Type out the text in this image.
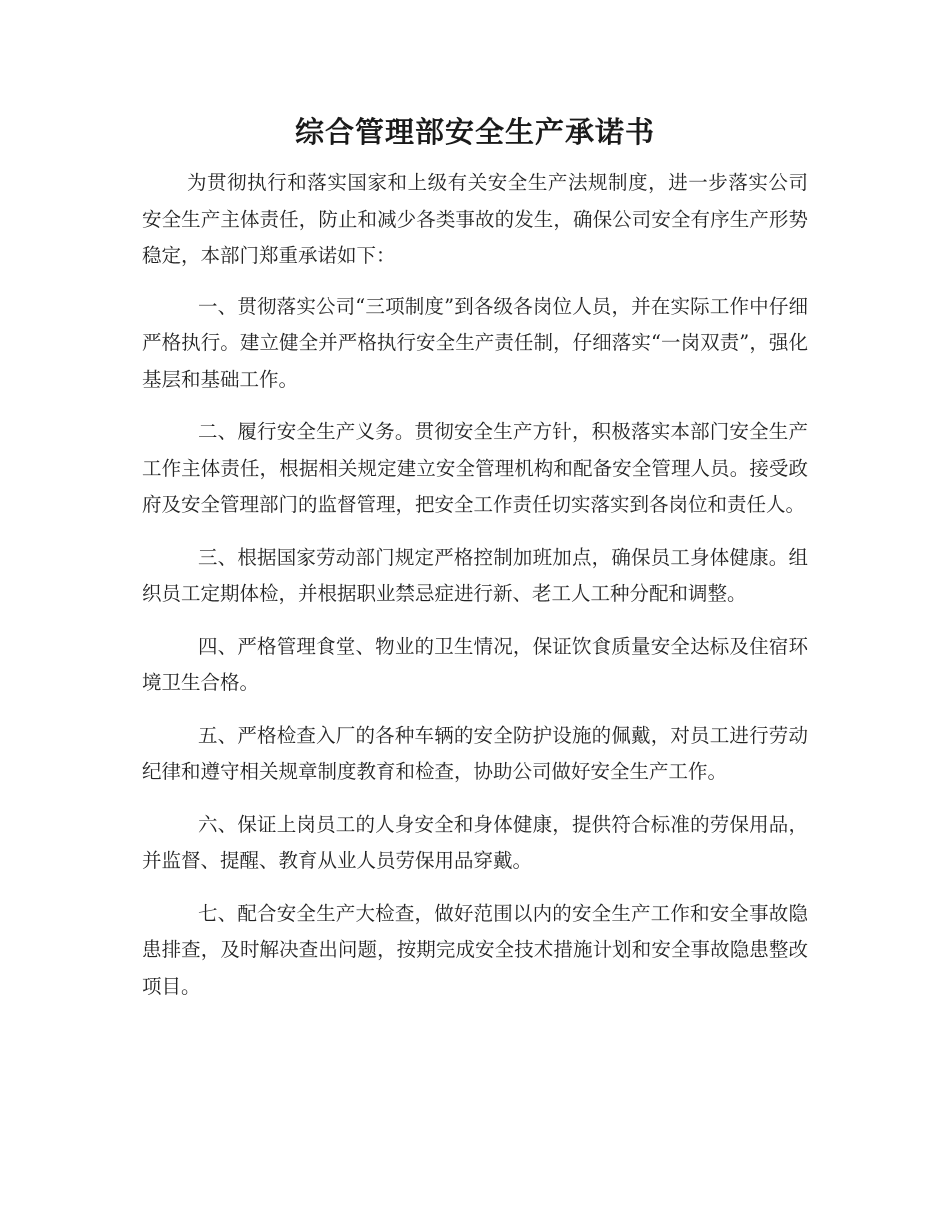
综合管理部安全生产承诺书

为贯彻执行和落实国家和上级有关安全生产法规制度，进一步落实公司安全生产主体责任，防止和减少各类事故的发生，确保公司安全有序生产形势稳定，本部门郑重承诺如下：

一、贯彻落实公司“三项制度”到各级各岗位人员，并在实际工作中仔细严格执行。建立健全并严格执行安全生产责任制，仔细落实“一岗双责”，强化基层和基础工作。

二、履行安全生产义务。贯彻安全生产方针，积极落实本部门安全生产工作主体责任，根据相关规定建立安全管理机构和配备安全管理人员。接受政府及安全管理部门的监督管理，把安全工作责任切实落实到各岗位和责任人。

三、根据国家劳动部门规定严格控制加班加点，确保员工身体健康。组织员工定期体检，并根据职业禁忌症进行新、老工人工种分配和调整。

四、严格管理食堂、物业的卫生情况，保证饮食质量安全达标及住宿环境卫生合格。

五、严格检查入厂的各种车辆的安全防护设施的佩戴，对员工进行劳动纪律和遵守相关规章制度教育和检查，协助公司做好安全生产工作。

六、保证上岗员工的人身安全和身体健康，提供符合标准的劳保用品，并监督、提醒、教育从业人员劳保用品穿戴。

七、配合安全生产大检查，做好范围以内的安全生产工作和安全事故隐患排查，及时解决查出问题，按期完成安全技术措施计划和安全事故隐患整改项目。
